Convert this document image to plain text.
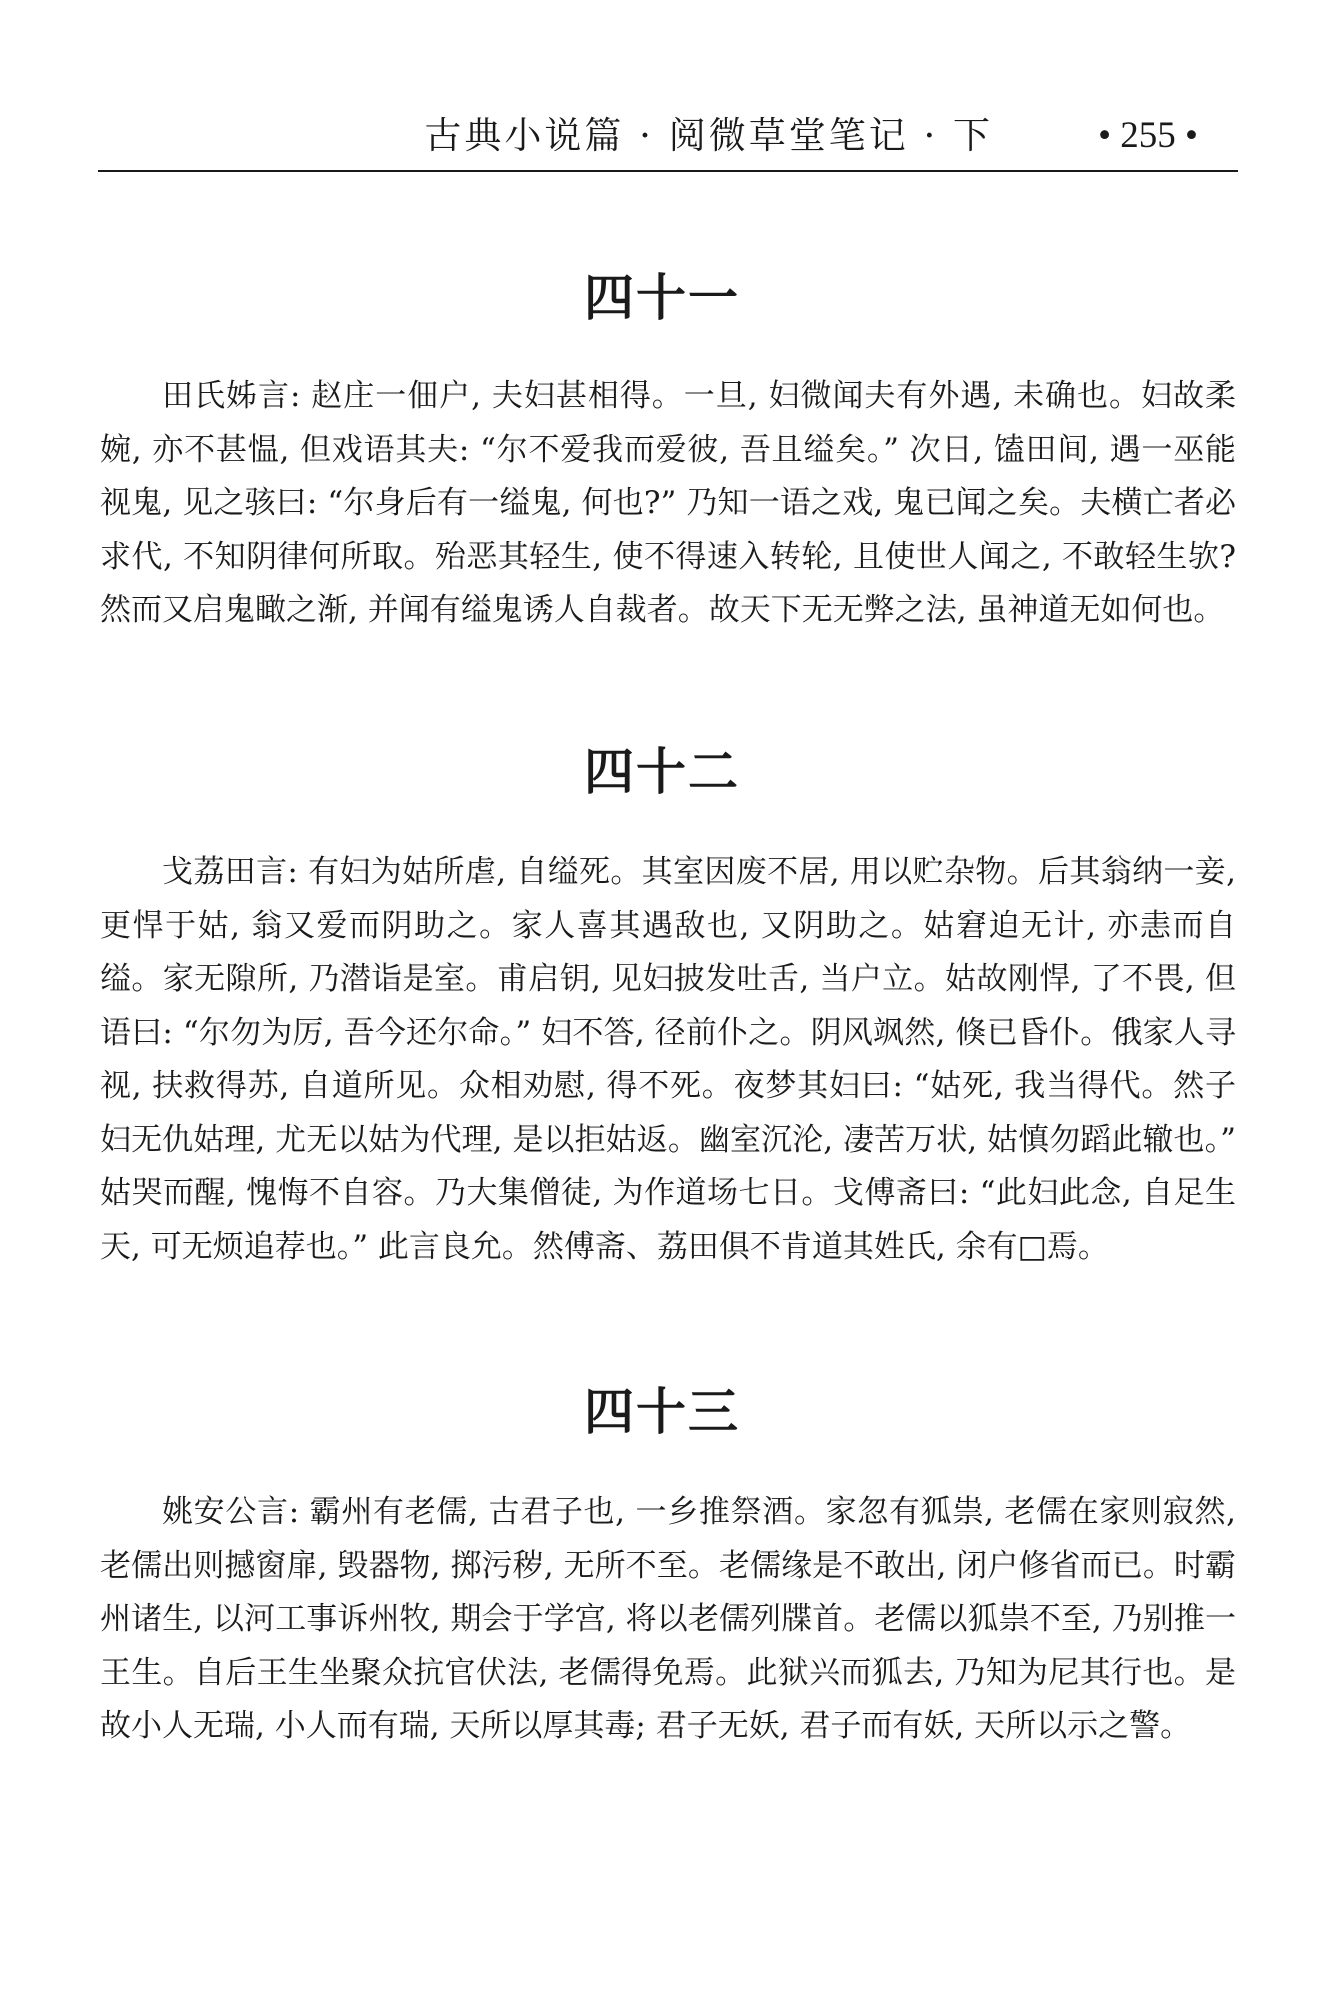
古典小说篇 · 阅微草堂笔记 · 下	• 255 •
四十一

田氏姊言: 赵庄一佃户, 夫妇甚相得。一旦, 妇微闻夫有外遇, 未确也。妇故柔婉, 亦不甚愠, 但戏语其夫: “尔不爱我而爱彼, 吾且缢矣。” 次日, 馌田间, 遇一巫能视鬼, 见之骇曰: “尔身后有一缢鬼, 何也?” 乃知一语之戏, 鬼已闻之矣。夫横亡者必求代, 不知阴律何所取。殆恶其轻生, 使不得速入转轮, 且使世人闻之, 不敢轻生欤? 然而又启鬼瞰之渐, 并闻有缢鬼诱人自裁者。故天下无无弊之法, 虽神道无如何也。

四十二

戈荔田言: 有妇为姑所虐, 自缢死。其室因废不居, 用以贮杂物。后其翁纳一妾, 更悍于姑, 翁又爱而阴助之。家人喜其遇敌也, 又阴助之。姑窘迫无计, 亦恚而自缢。家无隙所, 乃潜诣是室。甫启钥, 见妇披发吐舌, 当户立。姑故刚悍, 了不畏, 但语曰: “尔勿为厉, 吾今还尔命。” 妇不答, 径前仆之。阴风飒然, 倏已昏仆。俄家人寻视, 扶救得苏, 自道所见。众相劝慰, 得不死。夜梦其妇曰: “姑死, 我当得代。然子妇无仇姑理, 尤无以姑为代理, 是以拒姑返。幽室沉沦, 凄苦万状, 姑慎勿蹈此辙也。” 姑哭而醒, 愧悔不自容。乃大集僧徒, 为作道场七日。戈傅斋曰: “此妇此念, 自足生天, 可无烦追荐也。” 此言良允。然傅斋、荔田俱不肯道其姓氏, 余有□焉。

四十三

姚安公言: 霸州有老儒, 古君子也, 一乡推祭酒。家忽有狐祟, 老儒在家则寂然, 老儒出则撼窗扉, 毁器物, 掷污秽, 无所不至。老儒缘是不敢出, 闭户修省而已。时霸州诸生, 以河工事诉州牧, 期会于学宫, 将以老儒列牒首。老儒以狐祟不至, 乃别推一王生。自后王生坐聚众抗官伏法, 老儒得免焉。此狱兴而狐去, 乃知为尼其行也。是故小人无瑞, 小人而有瑞, 天所以厚其毒; 君子无妖, 君子而有妖, 天所以示之警。
